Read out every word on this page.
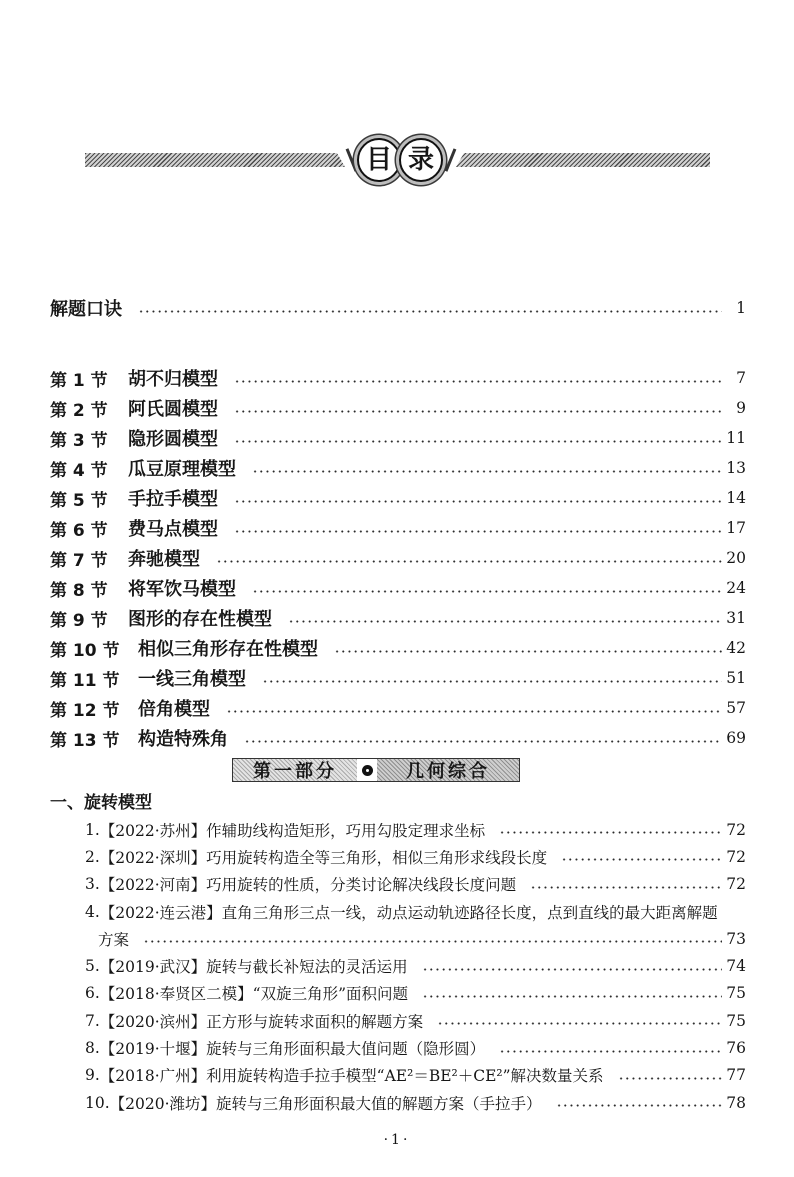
目 录
解题口诀	1
第 1 节	胡不归模型	7
第 2 节	阿氏圆模型	9
第 3 节	隐形圆模型	11
第 4 节	瓜豆原理模型	13
第 5 节	手拉手模型	14
第 6 节	费马点模型	17
第 7 节	奔驰模型	20
第 8 节	将军饮马模型	24
第 9 节	图形的存在性模型	31
第 10 节	相似三角形存在性模型	42
第 11 节	一线三角模型	51
第 12 节	倍角模型	57
第 13 节	构造特殊角	69
第一部分	几何综合
一、旋转模型
1. 【2022·苏州】作辅助线构造矩形，巧用勾股定理求坐标	72
2. 【2022·深圳】巧用旋转构造全等三角形，相似三角形求线段长度	72
3. 【2022·河南】巧用旋转的性质，分类讨论解决线段长度问题	72
4. 【2022·连云港】直角三角形三点一线，动点运动轨迹路径长度，点到直线的最大距离解题
方案	73
5. 【2019·武汉】旋转与截长补短法的灵活运用	74
6. 【2018·奉贤区二模】“双旋三角形”面积问题	75
7. 【2020·滨州】正方形与旋转求面积的解题方案	75
8. 【2019·十堰】旋转与三角形面积最大值问题（隐形圆）	76
9. 【2018·广州】利用旋转构造手拉手模型“AE²＝BE²＋CE²”解决数量关系	77
10. 【2020·潍坊】旋转与三角形面积最大值的解题方案（手拉手）	78
·1·
